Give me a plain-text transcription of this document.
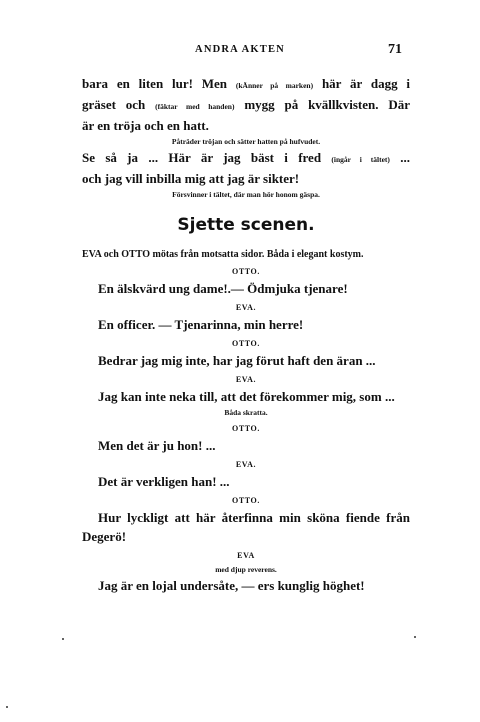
ANDRA AKTEN	71
bara en liten lur! Men (kÄnner på marken) här är dagg i
gräset och (fäktar med handen) mygg på kvällkvisten. Där
är en tröja och en hatt.
Påträder tröjan och sätter hatten på hufvudet.
Se så ja ... Här är jag bäst i fred (ingår i tältet) ...
och jag vill inbilla mig att jag är sikter!
Försvinner i tältet, där man hör honom gäspa.
Sjette scenen.
EVA och OTTO mötas från motsatta sidor. Båda i elegant kostym.
OTTO.
En älskvärd ung dame!.— Ödmjuka tjenare!
EVA.
En officer. — Tjenarinna, min herre!
OTTO.
Bedrar jag mig inte, har jag förut haft den äran ...
EVA.
Jag kan inte neka till, att det förekommer mig, som ...
Båda skratta.
OTTO.
Men det är ju hon! ...
EVA.
Det är verkligen han! ...
OTTO.
Hur lyckligt att här återfinna min sköna fiende från Degerö!
EVA
med djup reverens.
Jag är en lojal undersåte, — ers kunglig höghet!
